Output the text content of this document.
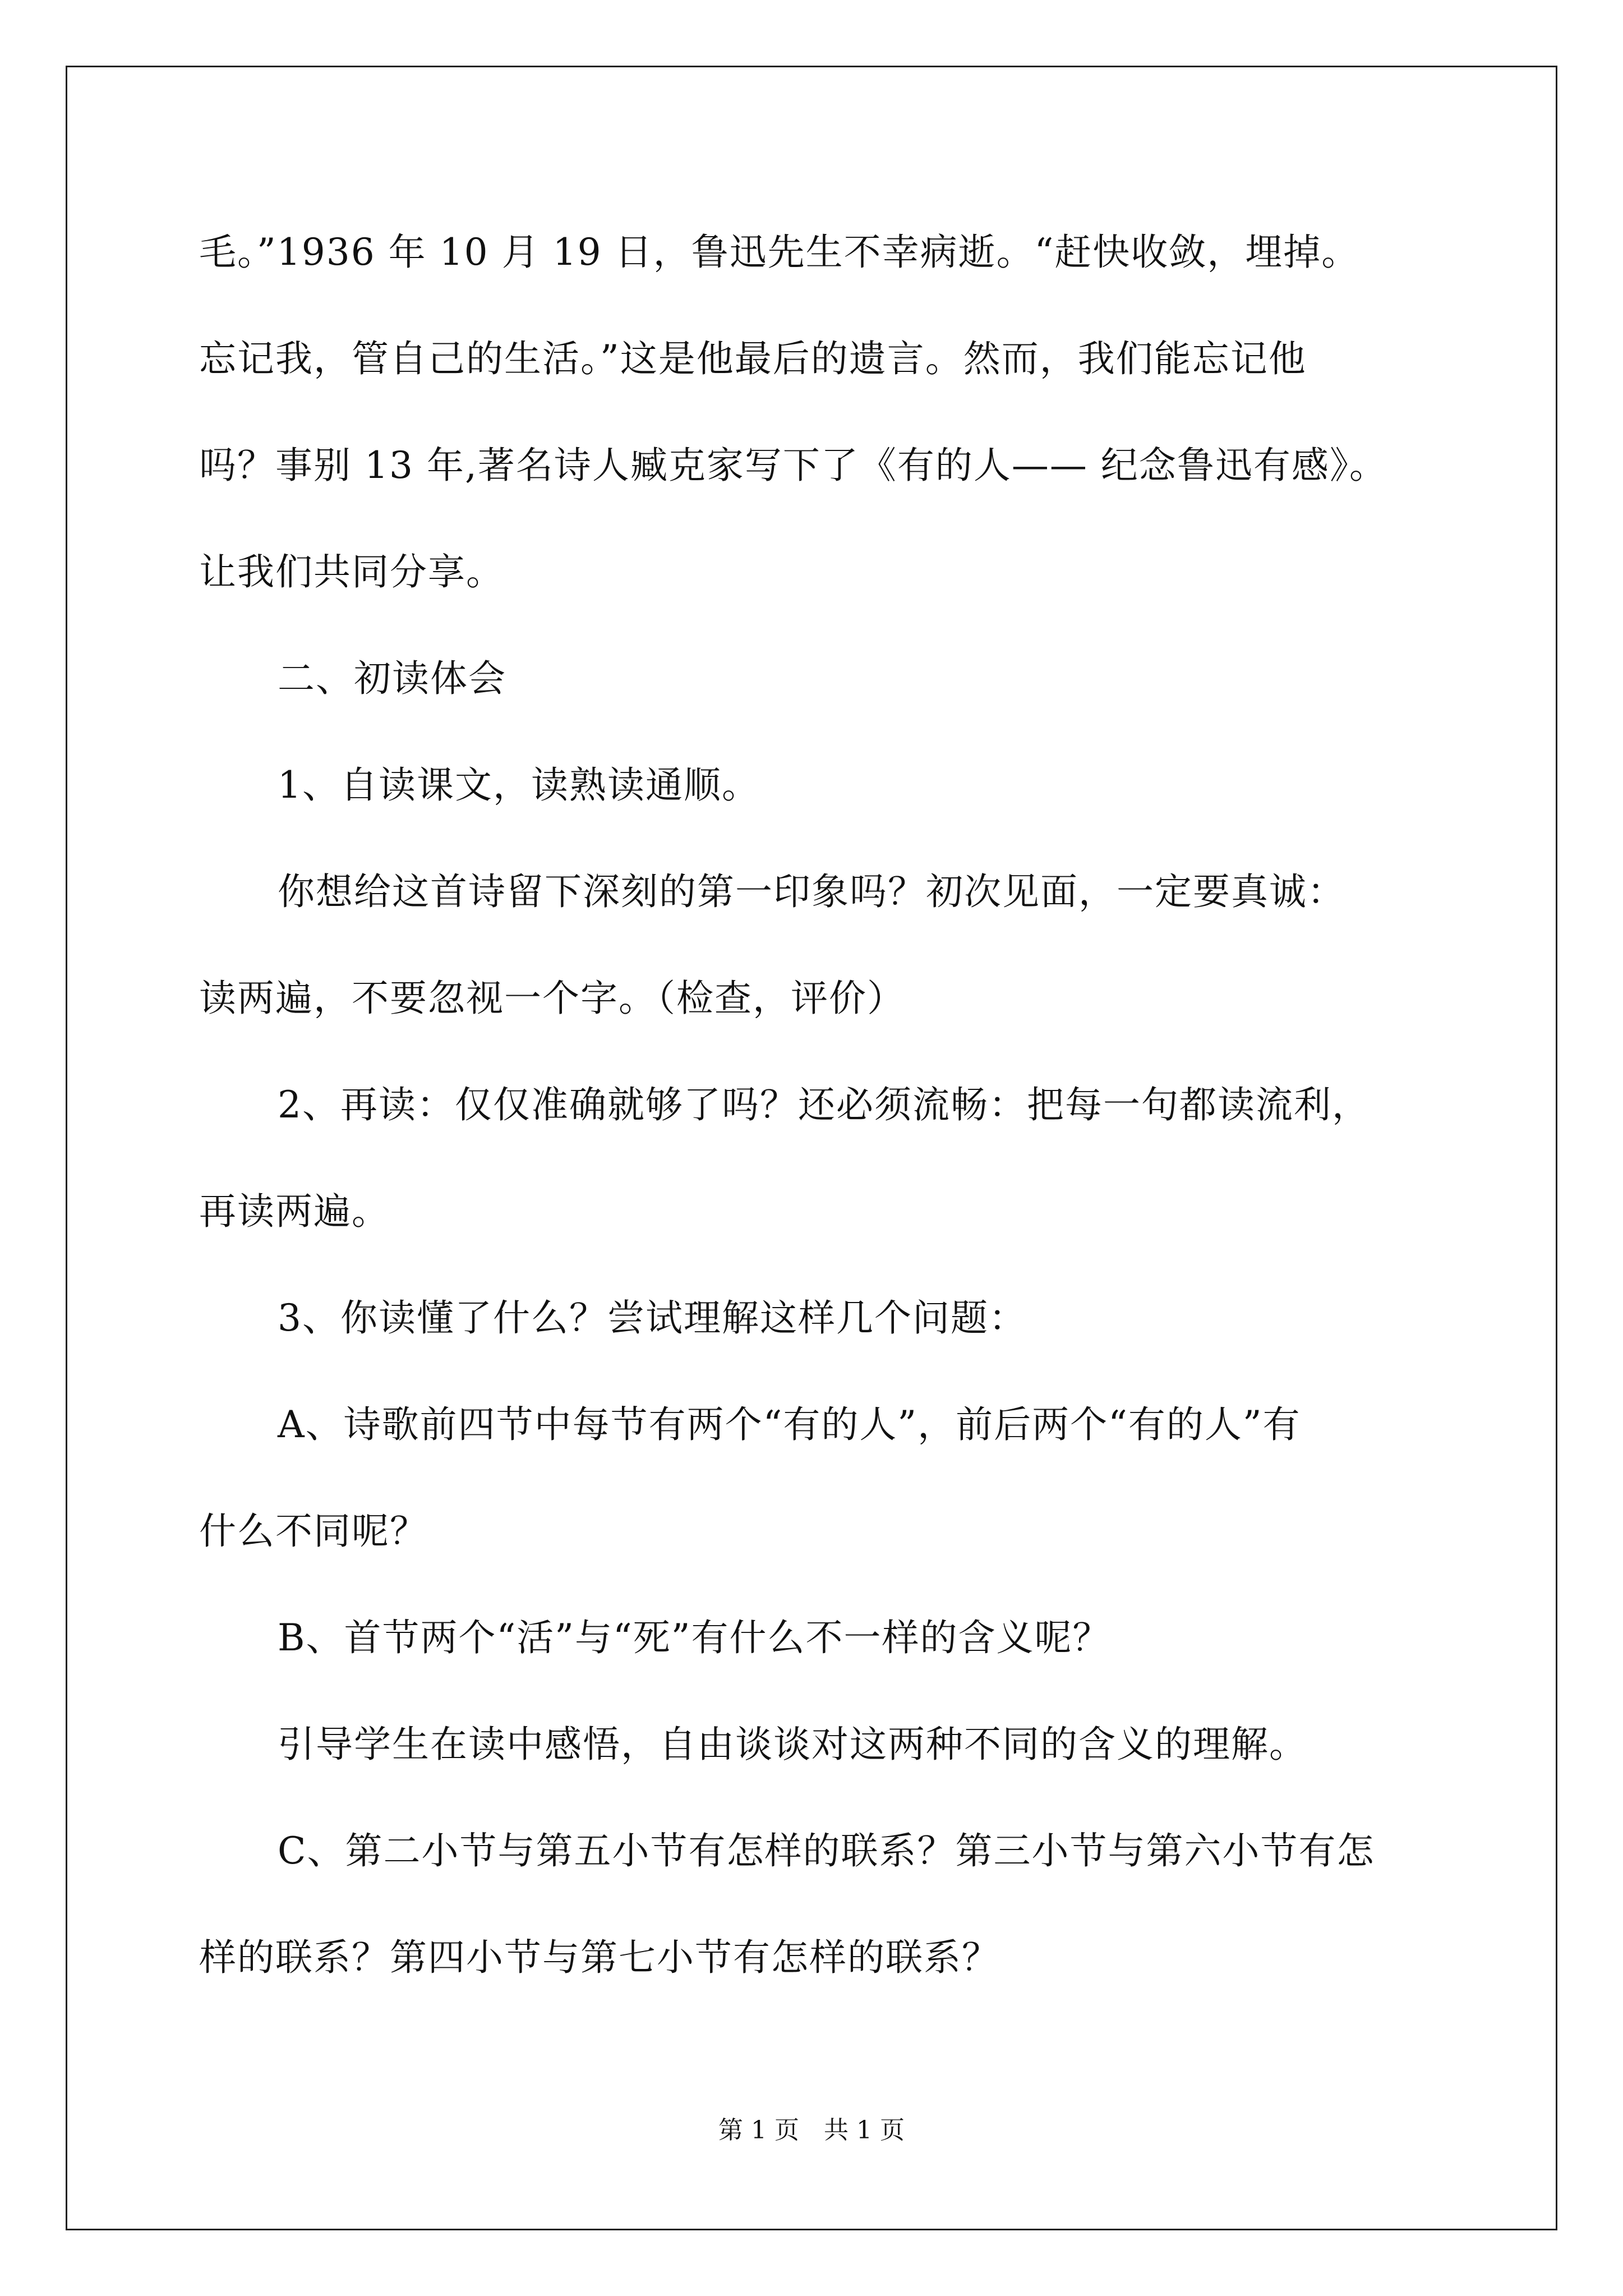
毛。”1936 年 10 月 19 日，鲁迅先生不幸病逝。“赶快收敛，埋掉。
忘记我，管自己的生活。”这是他最后的遗言。然而，我们能忘记他
吗？事别 13 年,著名诗人臧克家写下了《有的人—— 纪念鲁迅有感》。
让我们共同分享。
二、初读体会
1、自读课文，读熟读通顺。
你想给这首诗留下深刻的第一印象吗？初次见面，一定要真诚：
读两遍，不要忽视一个字。（检查，评价）
2、再读：仅仅准确就够了吗？还必须流畅：把每一句都读流利，
再读两遍。
3、你读懂了什么？尝试理解这样几个问题：
A、诗歌前四节中每节有两个“有的人”，前后两个“有的人”有
什么不同呢？
B、首节两个“活”与“死”有什么不一样的含义呢？
引导学生在读中感悟，自由谈谈对这两种不同的含义的理解。
C、第二小节与第五小节有怎样的联系？第三小节与第六小节有怎
样的联系？第四小节与第七小节有怎样的联系？
第 1 页　共 1 页
